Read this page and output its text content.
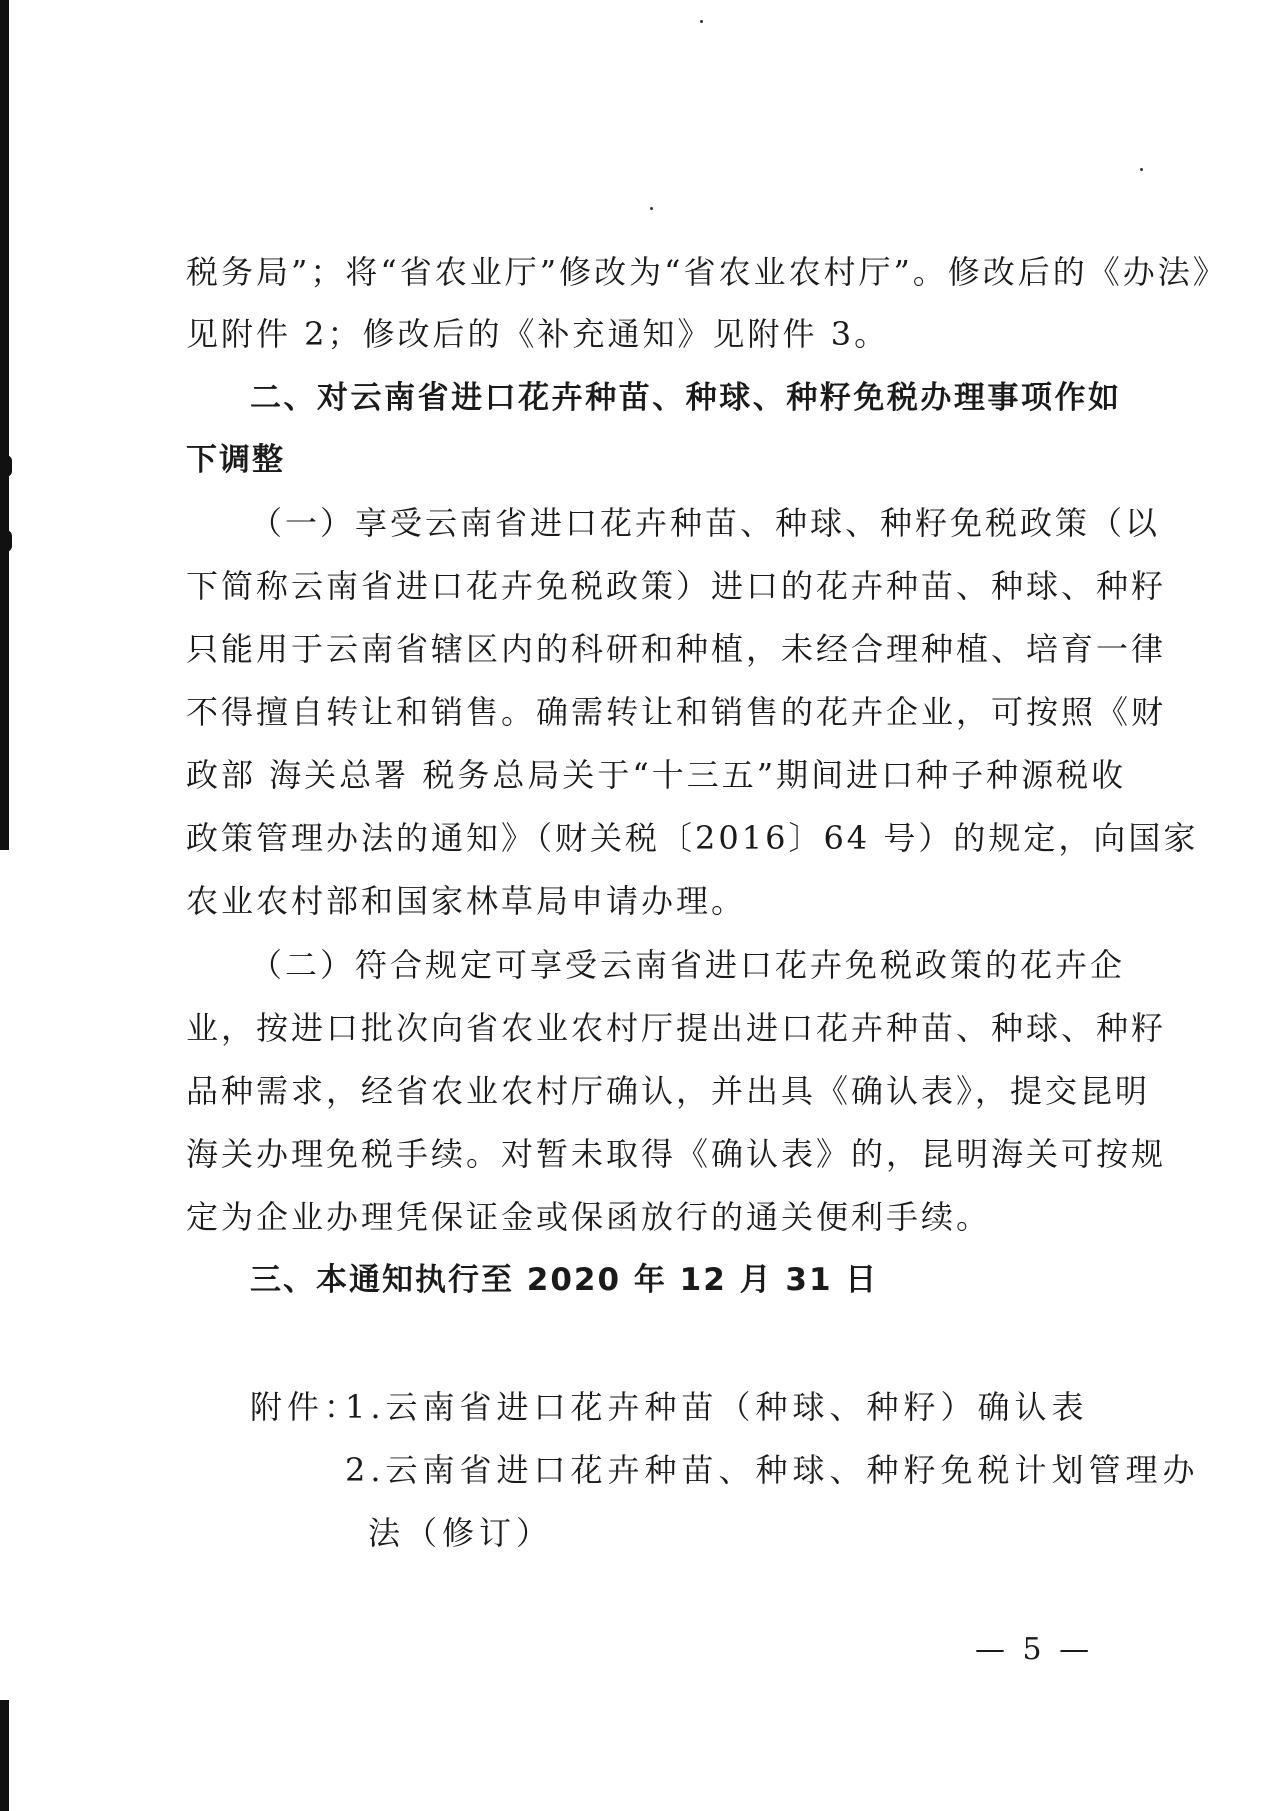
税务局”；将“省农业厅”修改为“省农业农村厅”。修改后的《办法》
见附件 2；修改后的《补充通知》见附件 3。
二、对云南省进口花卉种苗、种球、种籽免税办理事项作如
下调整
（一）享受云南省进口花卉种苗、种球、种籽免税政策（以
下简称云南省进口花卉免税政策）进口的花卉种苗、种球、种籽
只能用于云南省辖区内的科研和种植，未经合理种植、培育一律
不得擅自转让和销售。确需转让和销售的花卉企业，可按照《财
政部 海关总署 税务总局关于“十三五”期间进口种子种源税收
政策管理办法的通知》（财关税〔2016〕64 号）的规定，向国家
农业农村部和国家林草局申请办理。
（二）符合规定可享受云南省进口花卉免税政策的花卉企
业，按进口批次向省农业农村厅提出进口花卉种苗、种球、种籽
品种需求，经省农业农村厅确认，并出具《确认表》，提交昆明
海关办理免税手续。对暂未取得《确认表》的，昆明海关可按规
定为企业办理凭保证金或保函放行的通关便利手续。
三、本通知执行至 2020 年 12 月 31 日
附件：
1.云南省进口花卉种苗（种球、种籽）确认表
2.云南省进口花卉种苗、种球、种籽免税计划管理办
法（修订）
— 5 —
